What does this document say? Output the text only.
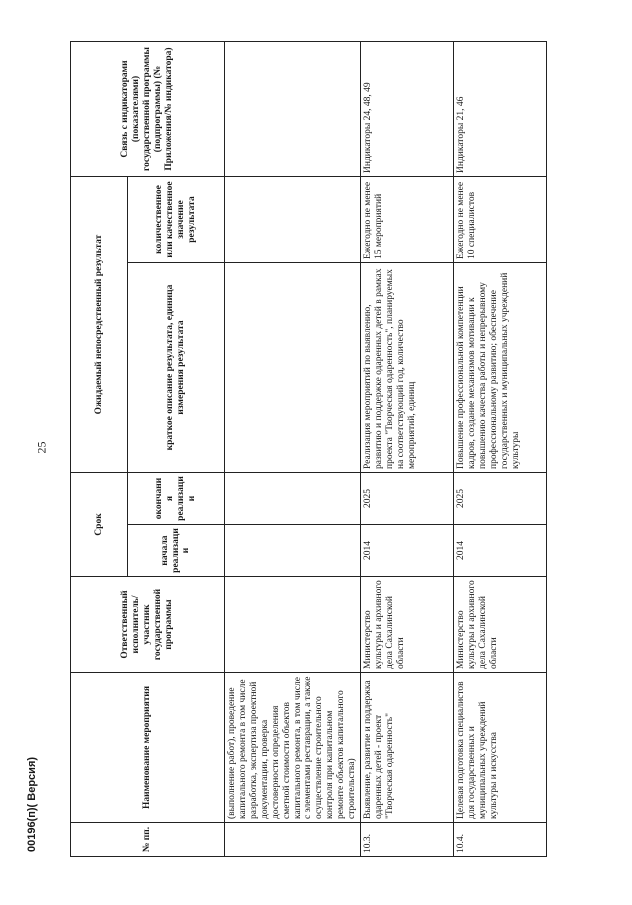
25
00196(п)( Версия)	№ пп.	Наименование мероприятия	Ответственный исполнитель/участник государственной программы	Срок		Ожидаемый непосредственный результат		Связь с индикаторами (показателями) государственной программы (подпрограммы) (№ Приложения/№ индикатора)
			начала реализации	окончания реализации	краткое описание результата, единица измерения результата	количественное или качественное значение результата	
	(выполнение работ), проведение капитального ремонта в том числе разработка, экспертиза проектной документации, проверка достоверности определения сметной стоимости объектов капитального ремонта, в том числе с элементами реставрации, а также осуществление строительного контроля при капитальном ремонте объектов капитального строительства)						
10.3.	Выявление, развитие и поддержка одаренных детей - проект "Творческая одаренность"	Министерство культуры и архивного дела Сахалинской области	2014	2025	Реализация мероприятий по выявлению, развитию и поддержке одаренных детей в рамках проекта "Творческая одаренность", планируемых на соответствующий год, количество мероприятий, единиц	Ежегодно не менее 15 мероприятий	Индикаторы 24, 48, 49
10.4.	Целевая подготовка специалистов для государственных и муниципальных учреждений культуры и искусства	Министерство культуры и архивного дела Сахалинской области	2014	2025	Повышение профессиональной компетенции кадров, создание механизмов мотивации к повышению качества работы и непрерывному профессиональному развитию; обеспечение государственных и муниципальных учреждений культуры	Ежегодно не менее 10 специалистов	Индикаторы 21, 46
